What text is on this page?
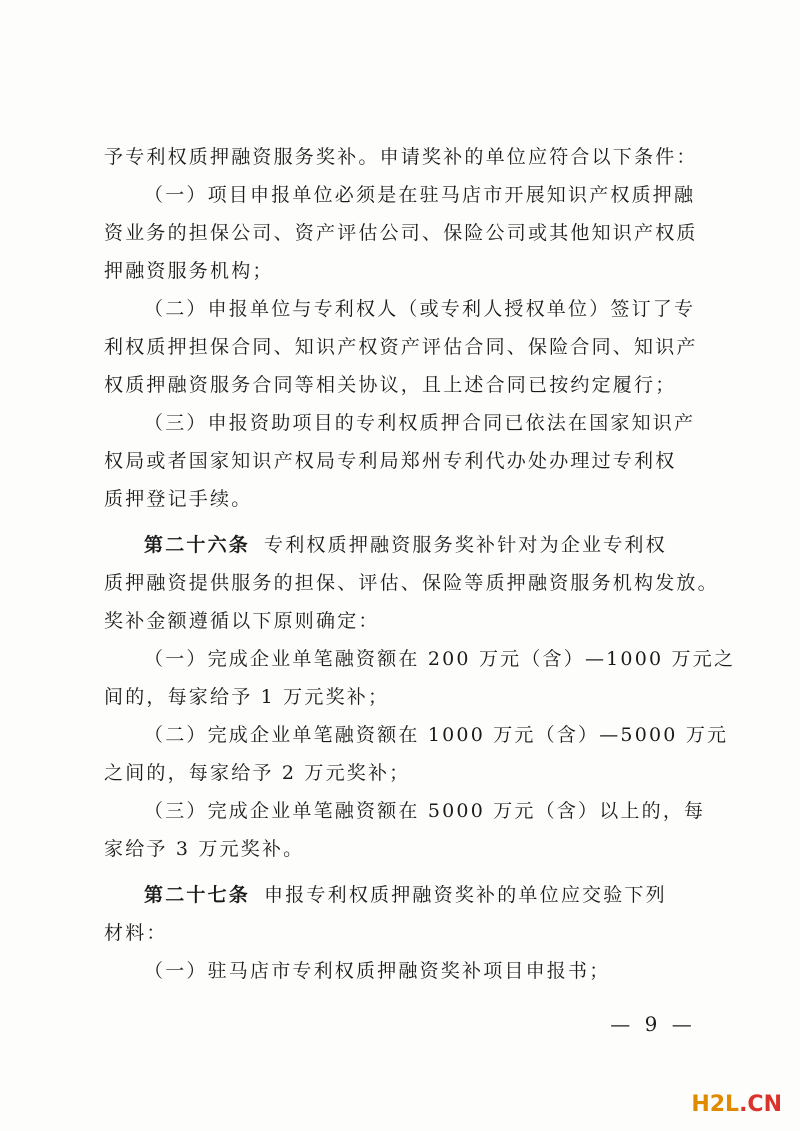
予专利权质押融资服务奖补。申请奖补的单位应符合以下条件：
（一）项目申报单位必须是在驻马店市开展知识产权质押融
资业务的担保公司、资产评估公司、保险公司或其他知识产权质
押融资服务机构；
（二）申报单位与专利权人（或专利人授权单位）签订了专
利权质押担保合同、知识产权资产评估合同、保险合同、知识产
权质押融资服务合同等相关协议，且上述合同已按约定履行；
（三）申报资助项目的专利权质押合同已依法在国家知识产
权局或者国家知识产权局专利局郑州专利代办处办理过专利权
质押登记手续。
第二十六条 专利权质押融资服务奖补针对为企业专利权
质押融资提供服务的担保、评估、保险等质押融资服务机构发放。
奖补金额遵循以下原则确定：
（一）完成企业单笔融资额在 200 万元（含）—1000 万元之
间的，每家给予 1 万元奖补；
（二）完成企业单笔融资额在 1000 万元（含）—5000 万元
之间的，每家给予 2 万元奖补；
（三）完成企业单笔融资额在 5000 万元（含）以上的，每
家给予 3 万元奖补。
第二十七条 申报专利权质押融资奖补的单位应交验下列
材料：
（一）驻马店市专利权质押融资奖补项目申报书；
— 9 —
H2L.CN
